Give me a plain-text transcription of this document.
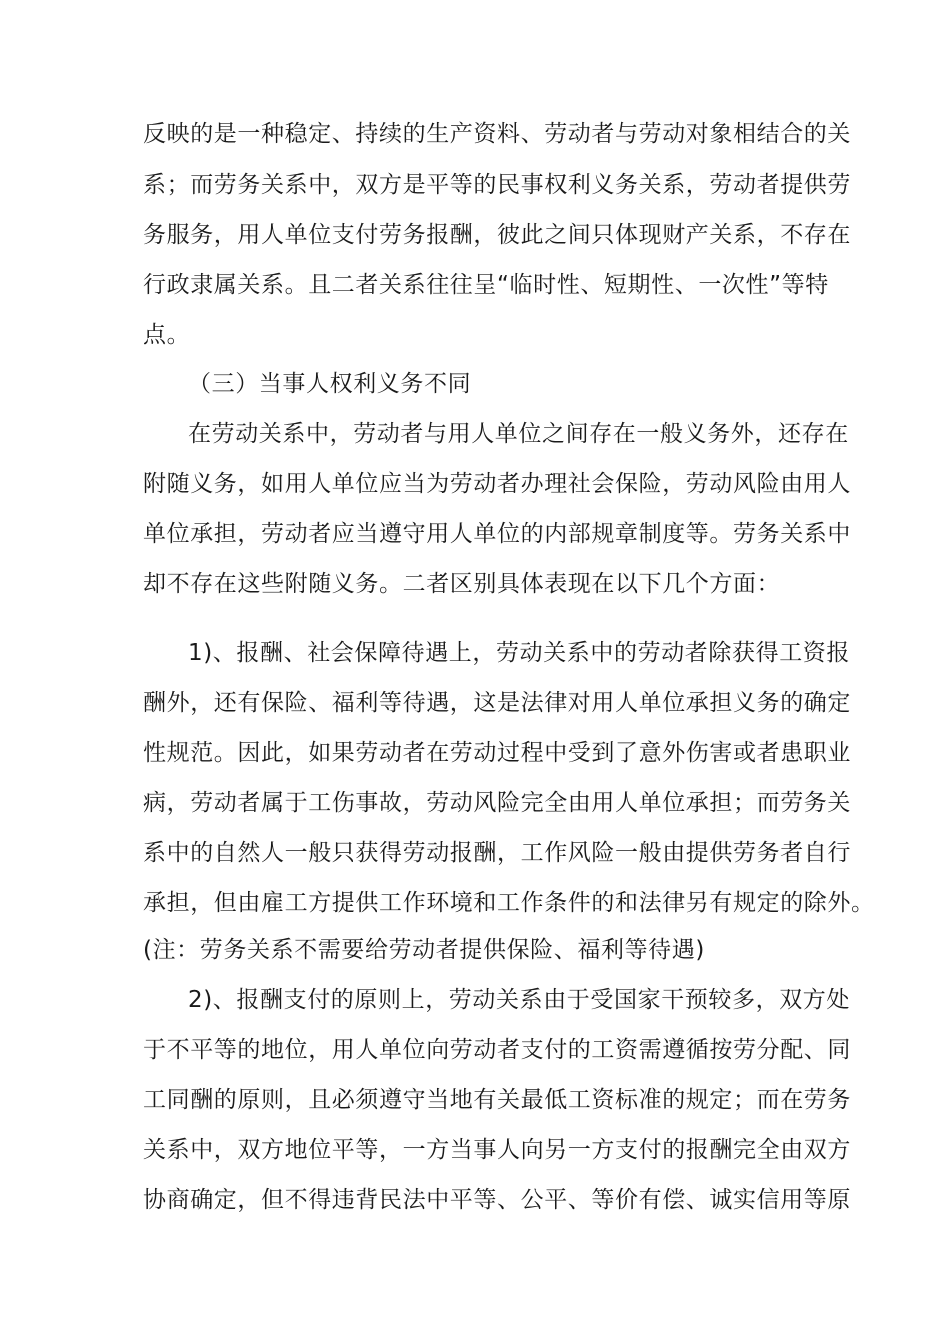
反映的是一种稳定、持续的生产资料、劳动者与劳动对象相结合的关
系；而劳务关系中，双方是平等的民事权利义务关系，劳动者提供劳
务服务，用人单位支付劳务报酬，彼此之间只体现财产关系，不存在
行政隶属关系。且二者关系往往呈“临时性、短期性、一次性”等特
点。
（三）当事人权利义务不同
在劳动关系中，劳动者与用人单位之间存在一般义务外，还存在
附随义务，如用人单位应当为劳动者办理社会保险，劳动风险由用人
单位承担，劳动者应当遵守用人单位的内部规章制度等。劳务关系中
却不存在这些附随义务。二者区别具体表现在以下几个方面：
1)、报酬、社会保障待遇上，劳动关系中的劳动者除获得工资报
酬外，还有保险、福利等待遇，这是法律对用人单位承担义务的确定
性规范。因此，如果劳动者在劳动过程中受到了意外伤害或者患职业
病，劳动者属于工伤事故，劳动风险完全由用人单位承担；而劳务关
系中的自然人一般只获得劳动报酬，工作风险一般由提供劳务者自行
承担，但由雇工方提供工作环境和工作条件的和法律另有规定的除外。
(注：劳务关系不需要给劳动者提供保险、福利等待遇)
2)、报酬支付的原则上，劳动关系由于受国家干预较多，双方处
于不平等的地位，用人单位向劳动者支付的工资需遵循按劳分配、同
工同酬的原则，且必须遵守当地有关最低工资标准的规定；而在劳务
关系中，双方地位平等，一方当事人向另一方支付的报酬完全由双方
协商确定，但不得违背民法中平等、公平、等价有偿、诚实信用等原
